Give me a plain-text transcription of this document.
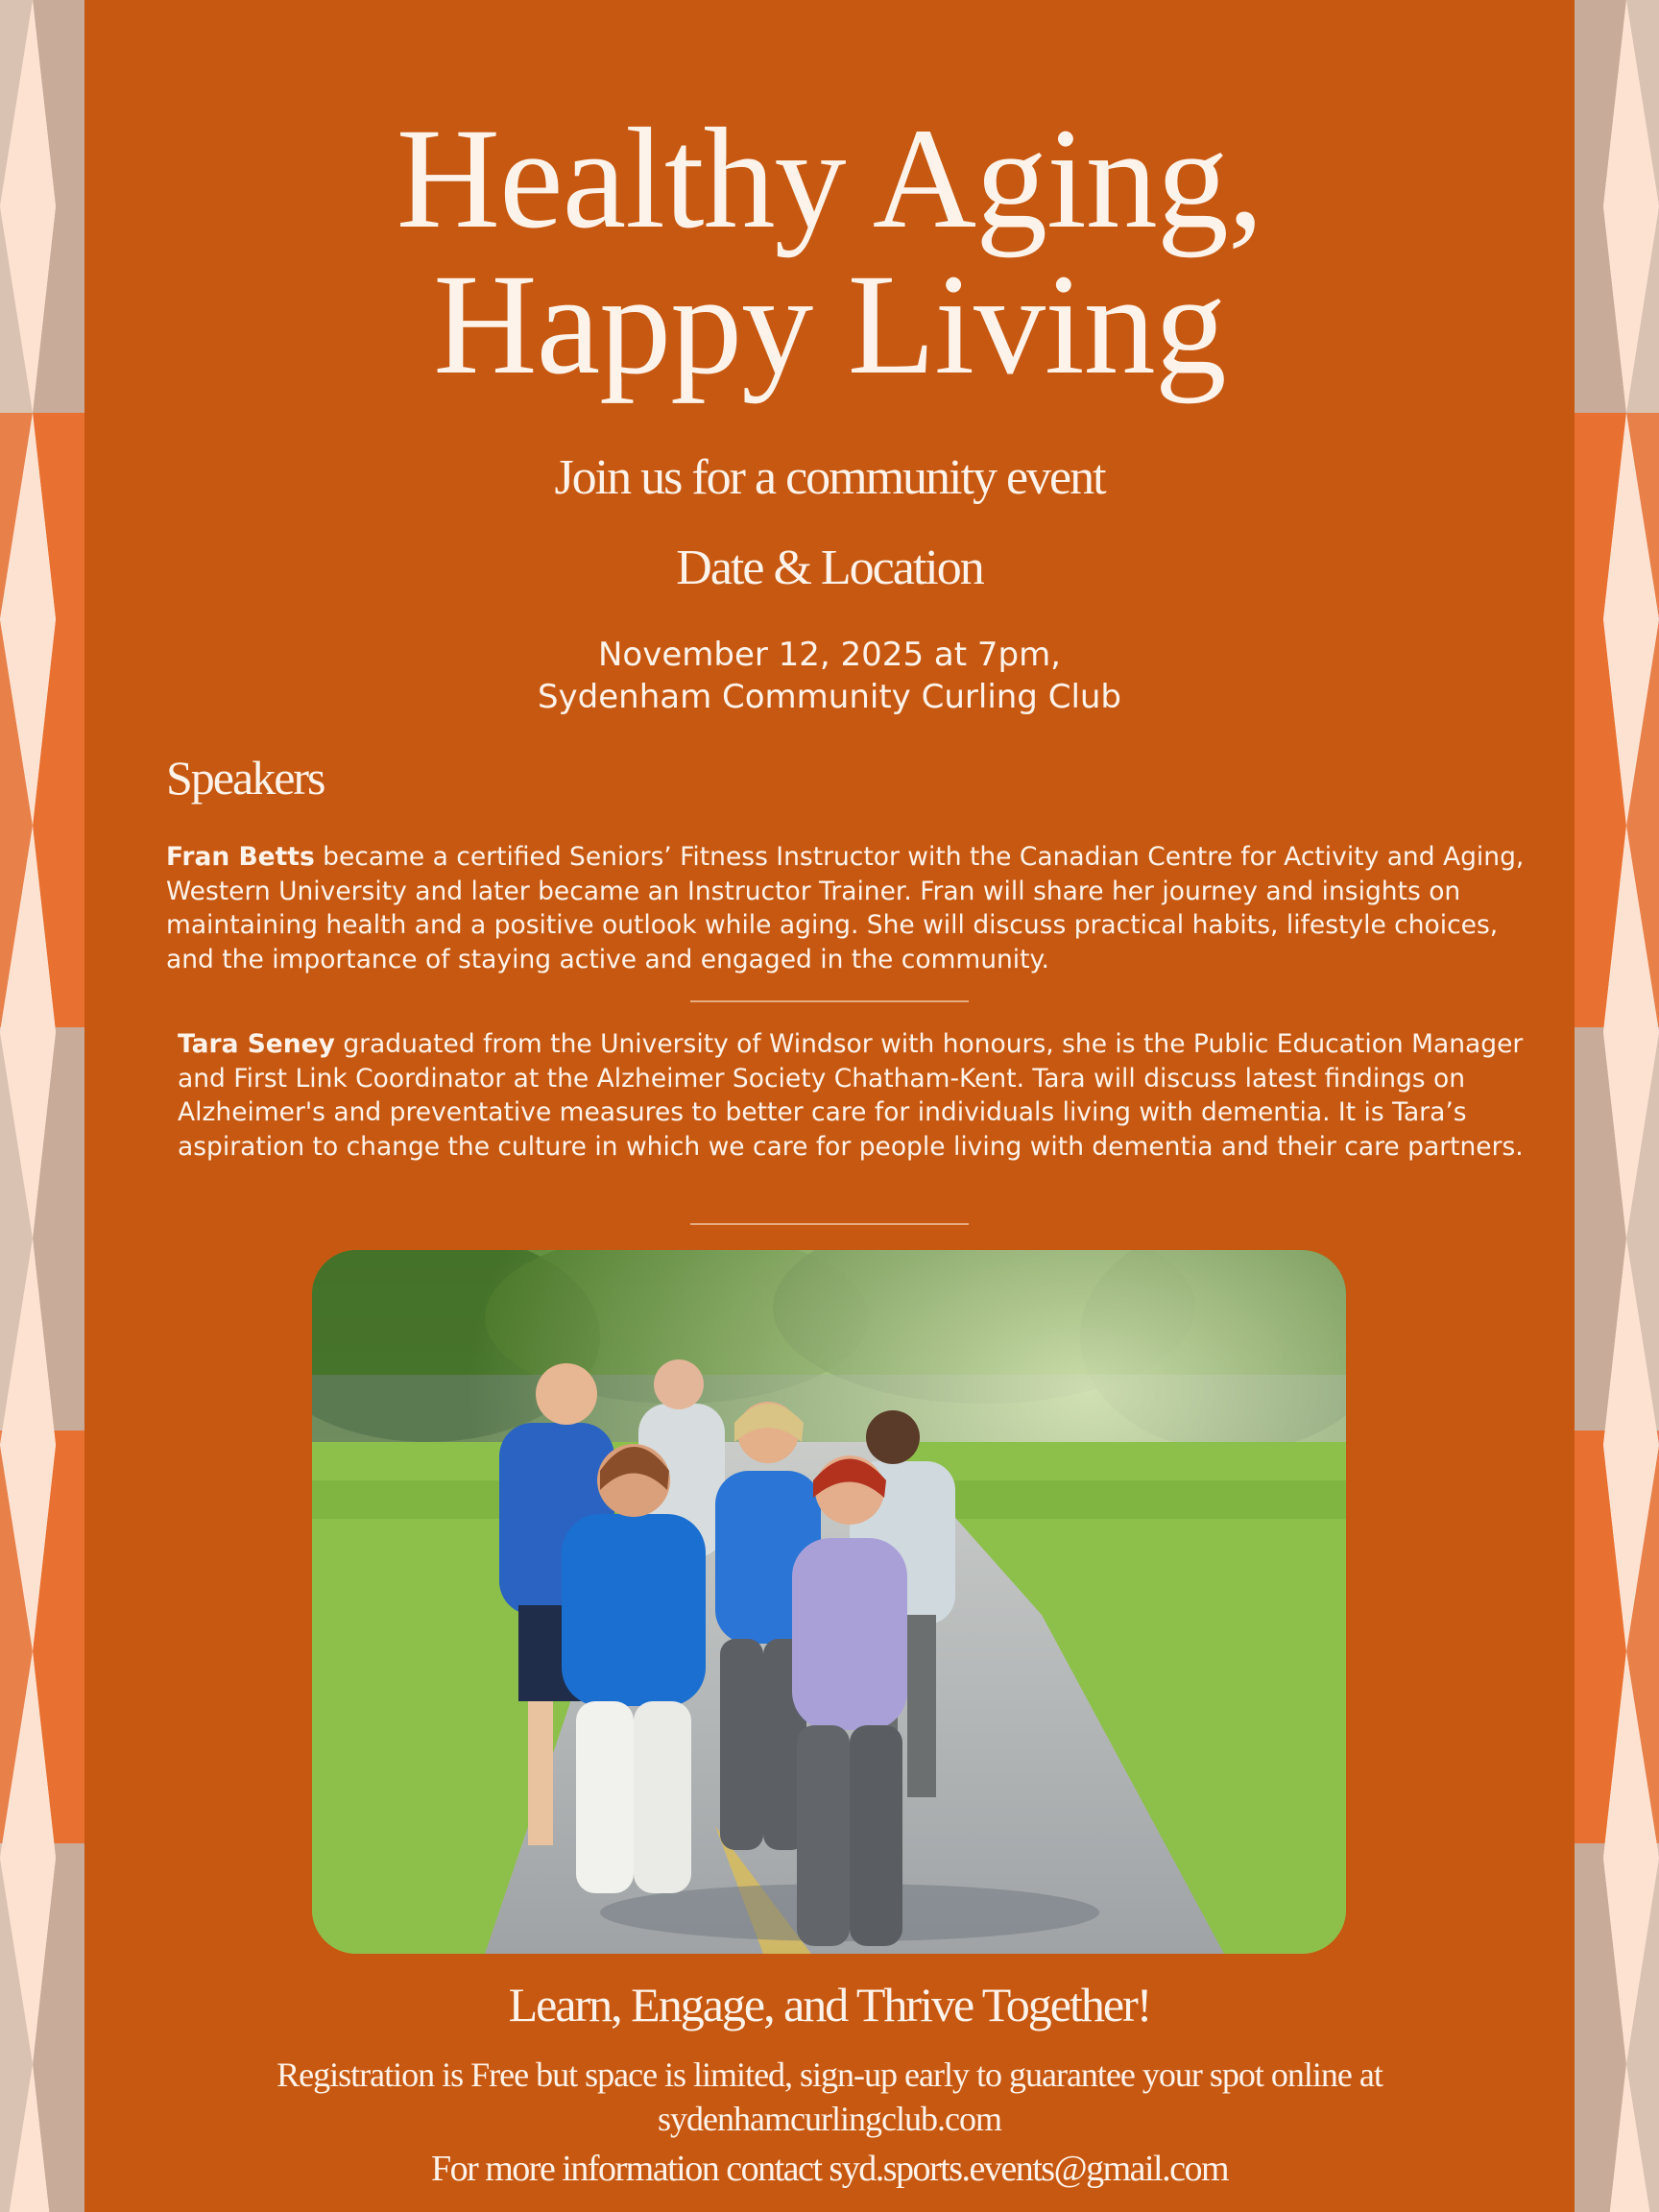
Healthy Aging,
Happy Living
Join us for a community event
Date & Location
November 12, 2025 at 7pm,
Sydenham Community Curling Club
Speakers

Fran Betts became a certified Seniors’ Fitness Instructor with the Canadian Centre for Activity and Aging, Western University and later became an Instructor Trainer. Fran will share her journey and insights on maintaining health and a positive outlook while aging. She will discuss practical habits, lifestyle choices, and the importance of staying active and engaged in the community.

Tara Seney graduated from the University of Windsor with honours, she is the Public Education Manager and First Link Coordinator at the Alzheimer Society Chatham-Kent. Tara will discuss latest findings on Alzheimer's and preventative measures to better care for individuals living with dementia. It is Tara’s aspiration to change the culture in which we care for people living with dementia and their care partners.

Learn, Engage, and Thrive Together!

Registration is Free but space is limited, sign-up early to guarantee your spot online at
sydenhamcurlingclub.com

For more information contact syd.sports.events@gmail.com
